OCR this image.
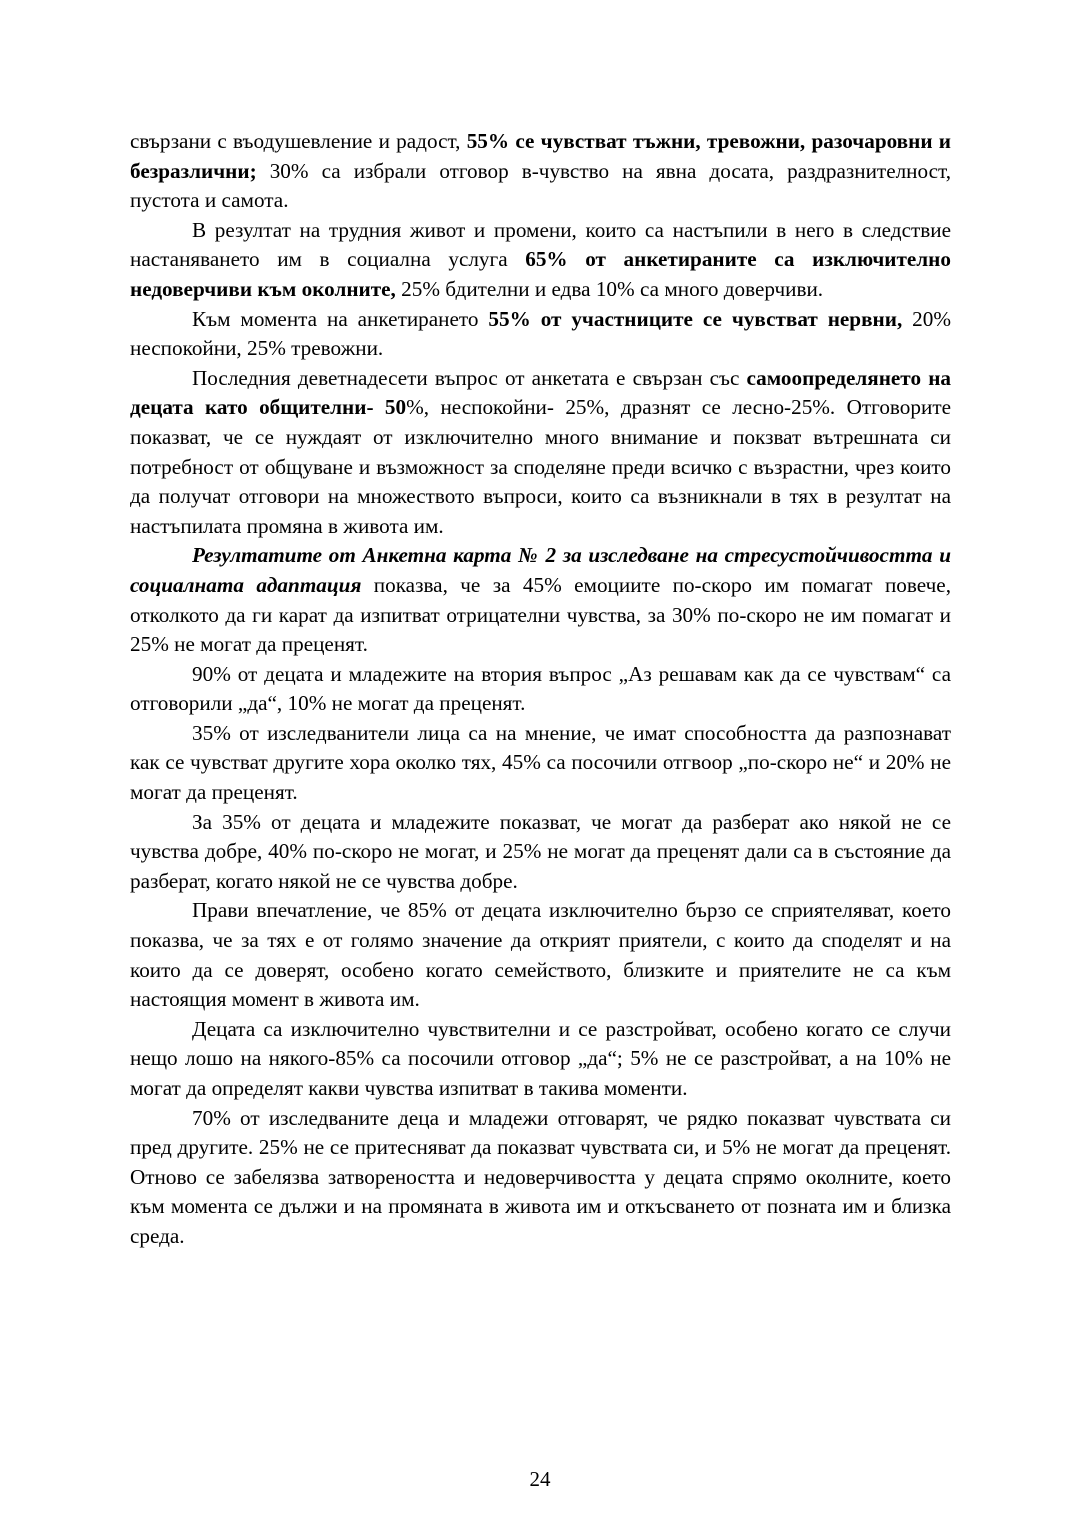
свързани с въодушевление и радост, 55% се чувстват тъжни, тревожни, разочаровни и безразлични; 30% са избрали отговор в-чувство на явна досата, раздразнителност, пустота и самота.

В резултат на трудния живот и промени, които са настъпили в него в следствие настаняването им в социална услуга 65% от анкетираните са изключително недоверчиви към околните, 25% бдителни и едва 10% са много доверчиви.

Към момента на анкетирането 55% от участниците се чувстват нервни, 20% неспокойни, 25% тревожни.

Последния деветнадесети въпрос от анкетата е свързан със самоопределянето на децата като общителни- 50%, неспокойни- 25%, дразнят се лесно-25%. Отговорите показват, че се нуждаят от изключително много внимание и покзват вътрешната си потребност от общуване и възможност за споделяне преди всичко с възрастни, чрез които да получат отговори на множеството въпроси, които са възникнали в тях в резултат на настъпилата промяна в живота им.

Резултатите от Анкетна карта № 2 за изследване на стресустойчивостта и социалната адаптация показва, че за 45% емоциите по-скоро им помагат повече, отколкото да ги карат да изпитват отрицателни чувства, за 30% по-скоро не им помагат и 25% не могат да преценят.

90% от децата и младежите на втория въпрос „Аз решавам как да се чувствам“ са отговорили „да“, 10% не могат да преценят.

35% от изследванители лица са на мнение, че имат способността да разпознават как се чувстват другите хора околко тях, 45% са посочили отгвоор „по-скоро не“ и 20% не могат да преценят.

За 35% от децата и младежите показват, че могат да разберат ако някой не се чувства добре, 40% по-скоро не могат, и 25% не могат да прецeнят дали са в състояние да разберат, когато някой не се чувства добре.

Прави впечатление, че 85% от децата изключително бързо се сприятеляват, което показва, че за тях е от голямо значение да открият приятели, с които да споделят и на които да се доверят, особено когато семейството, близките и приятелите не са към настоящия момент в живота им.

Децата са изключително чувствителни и се разстройват, особено когато се случи нещо лошо на някого-85% са посочили отговор „да“; 5% не се разстройват, а на 10% не могат да определят какви чувства изпитват в такива моменти.

70% от изследваните деца и младежи отговарят, че рядко показват чувствата си пред другите. 25% не се притесняват да показват чувствата си, и 5% не могат да преценят. Отново се забелязва затвореността и недоверчивостта у децата спрямо околните, което към момента се дължи и на промяната в живота им и откъсването от позната им и близка среда.

24
